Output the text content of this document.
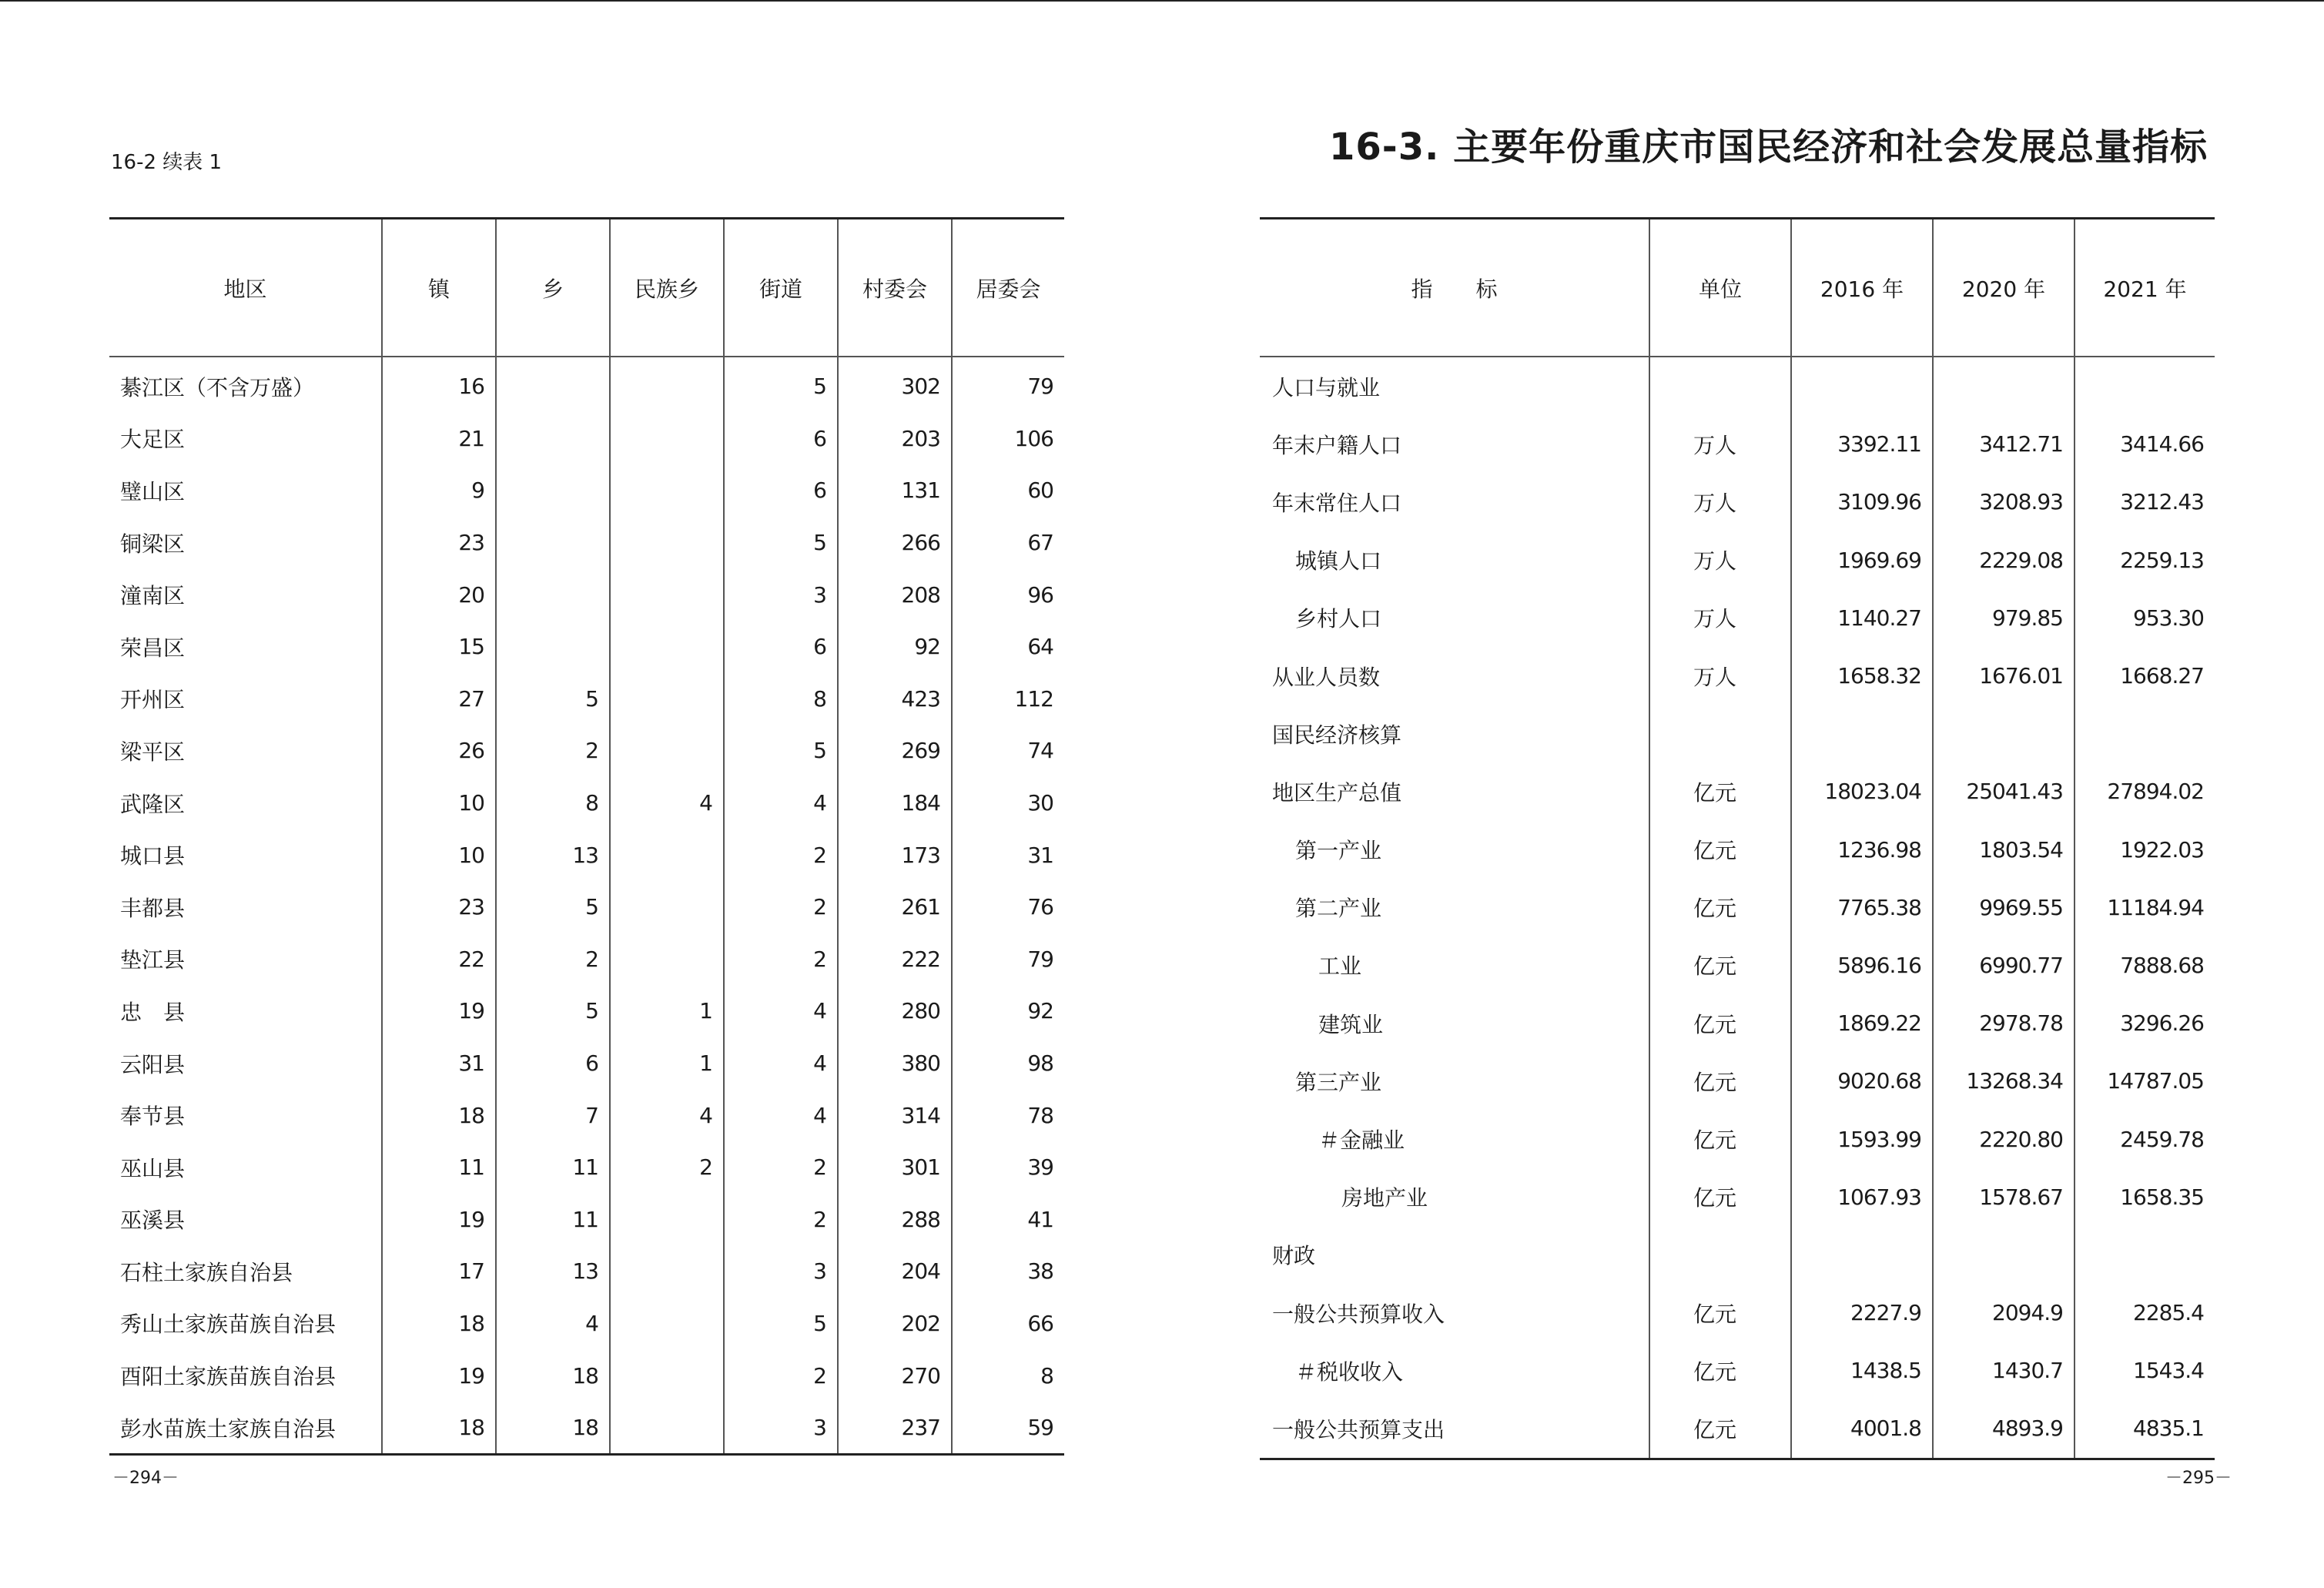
16-2 续表 1	16-3. 主要年份重庆市国民经济和社会发展总量指标
地区	镇	乡	民族乡	街道	村委会	居委会
綦江区（不含万盛）	16			5	302	79
大足区	21			6	203	106
璧山区	9			6	131	60
铜梁区	23			5	266	67
潼南区	20			3	208	96
荣昌区	15			6	92	64
开州区	27	5		8	423	112
梁平区	26	2		5	269	74
武隆区	10	8	4	4	184	30
城口县	10	13		2	173	31
丰都县	23	5		2	261	76
垫江县	22	2		2	222	79
忠　县	19	5	1	4	280	92
云阳县	31	6	1	4	380	98
奉节县	18	7	4	4	314	78
巫山县	11	11	2	2	301	39
巫溪县	19	11		2	288	41
石柱土家族自治县	17	13		3	204	38
秀山土家族苗族自治县	18	4		5	202	66
酉阳土家族苗族自治县	19	18		2	270	8
彭水苗族土家族自治县	18	18		3	237	59
指　　标	单位	2016 年	2020 年	2021 年
人口与就业				
年末户籍人口	万人	3392.11	3412.71	3414.66
年末常住人口	万人	3109.96	3208.93	3212.43
城镇人口	万人	1969.69	2229.08	2259.13
乡村人口	万人	1140.27	979.85	953.30
从业人员数	万人	1658.32	1676.01	1668.27
国民经济核算				
地区生产总值	亿元	18023.04	25041.43	27894.02
第一产业	亿元	1236.98	1803.54	1922.03
第二产业	亿元	7765.38	9969.55	11184.94
工业	亿元	5896.16	6990.77	7888.68
建筑业	亿元	1869.22	2978.78	3296.26
第三产业	亿元	9020.68	13268.34	14787.05
＃金融业	亿元	1593.99	2220.80	2459.78
房地产业	亿元	1067.93	1578.67	1658.35
财政				
一般公共预算收入	亿元	2227.9	2094.9	2285.4
＃税收收入	亿元	1438.5	1430.7	1543.4
一般公共预算支出	亿元	4001.8	4893.9	4835.1
－294－	－295－
